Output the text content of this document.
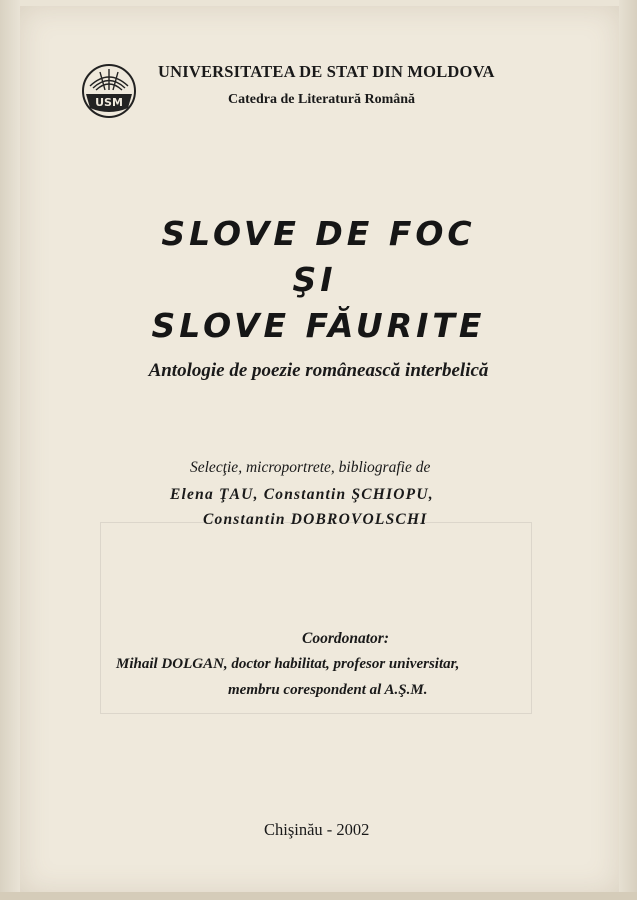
USM
UNIVERSITATEA DE STAT DIN MOLDOVA
Catedra de Literatură Română
SLOVE DE FOC
ŞI
SLOVE FĂURITE
Antologie de poezie românească interbelică
Selecţie, microportrete, bibliografie de
Elena ŢAU, Constantin ŞCHIOPU,
Constantin DOBROVOLSCHI
Coordonator:
Mihail DOLGAN, doctor habilitat, profesor universitar,
membru corespondent al A.Ş.M.
Chişinău - 2002
